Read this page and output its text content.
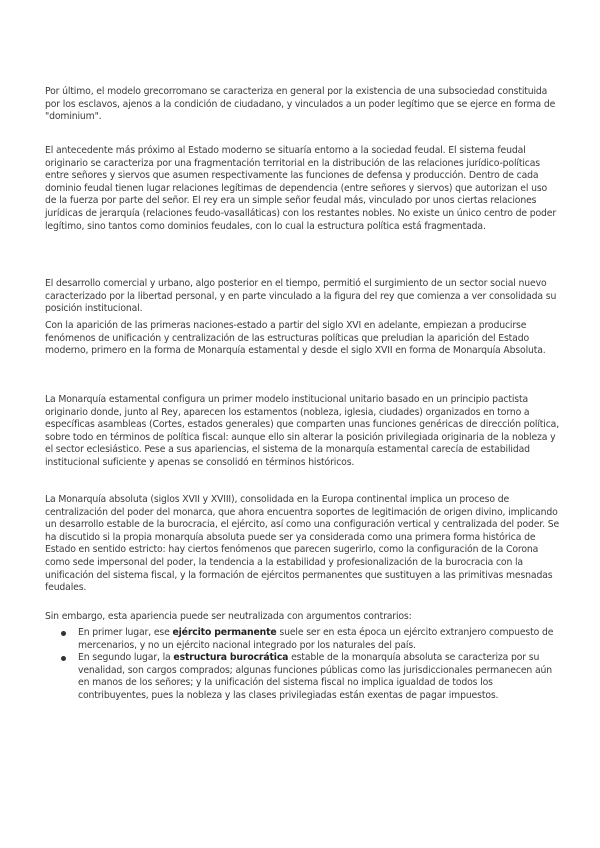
Por último, el modelo grecorromano se caracteriza en general por la existencia de una subsociedad constituida por los esclavos, ajenos a la condición de ciudadano, y vinculados a un poder legítimo que se ejerce en forma de "dominium".

El antecedente más próximo al Estado moderno se situaría entorno a la sociedad feudal. El sistema feudal originario se caracteriza por una fragmentación territorial en la distribución de las relaciones jurídico-políticas entre señores y siervos que asumen respectivamente las funciones de defensa y producción. Dentro de cada dominio feudal tienen lugar relaciones legítimas de dependencia (entre señores y siervos) que autorizan el uso de la fuerza por parte del señor. El rey era un simple señor feudal más, vinculado por unos ciertas relaciones jurídicas de jerarquía (relaciones feudo-vasalláticas) con los restantes nobles. No existe un único centro de poder legítimo, sino tantos como dominios feudales, con lo cual la estructura política está fragmentada.

El desarrollo comercial y urbano, algo posterior en el tiempo, permitió el surgimiento de un sector social nuevo caracterizado por la libertad personal, y en parte vinculado a la figura del rey que comienza a ver consolidada su posición institucional.

Con la aparición de las primeras naciones-estado a partir del siglo XVI en adelante, empiezan a producirse fenómenos de unificación y centralización de las estructuras políticas que preludian la aparición del Estado moderno, primero en la forma de Monarquía estamental y desde el siglo XVII en forma de Monarquía Absoluta.

La Monarquía estamental configura un primer modelo institucional unitario basado en un principio pactista originario donde, junto al Rey, aparecen los estamentos (nobleza, iglesia, ciudades) organizados en torno a específicas asambleas (Cortes, estados generales) que comparten unas funciones genéricas de dirección política, sobre todo en términos de política fiscal: aunque ello sin alterar la posición privilegiada originaria de la nobleza y el sector eclesiástico. Pese a sus apariencias, el sistema de la monarquía estamental carecía de estabilidad institucional suficiente y apenas se consolidó en términos históricos.

La Monarquía absoluta (siglos XVII y XVIII), consolidada en la Europa continental implica un proceso de centralización del poder del monarca, que ahora encuentra soportes de legitimación de origen divino, implicando un desarrollo estable de la burocracia, el ejército, así como una configuración vertical y centralizada del poder. Se ha discutido si la propia monarquía absoluta puede ser ya considerada como una primera forma histórica de Estado en sentido estricto: hay ciertos fenómenos que parecen sugerirlo, como la configuración de la Corona como sede impersonal del poder, la tendencia a la estabilidad y profesionalización de la burocracia con la unificación del sistema fiscal, y la formación de ejércitos permanentes que sustituyen a las primitivas mesnadas feudales.

Sin embargo, esta apariencia puede ser neutralizada con argumentos contrarios:

En primer lugar, ese ejército permanente suele ser en esta época un ejército extranjero compuesto de mercenarios, y no un ejército nacional integrado por los naturales del país.
En segundo lugar, la estructura burocrática estable de la monarquía absoluta se caracteriza por su venalidad, son cargos comprados; algunas funciones públicas como las jurisdiccionales permanecen aún en manos de los señores; y la unificación del sistema fiscal no implica igualdad de todos los contribuyentes, pues la nobleza y las clases privilegiadas están exentas de pagar impuestos.
